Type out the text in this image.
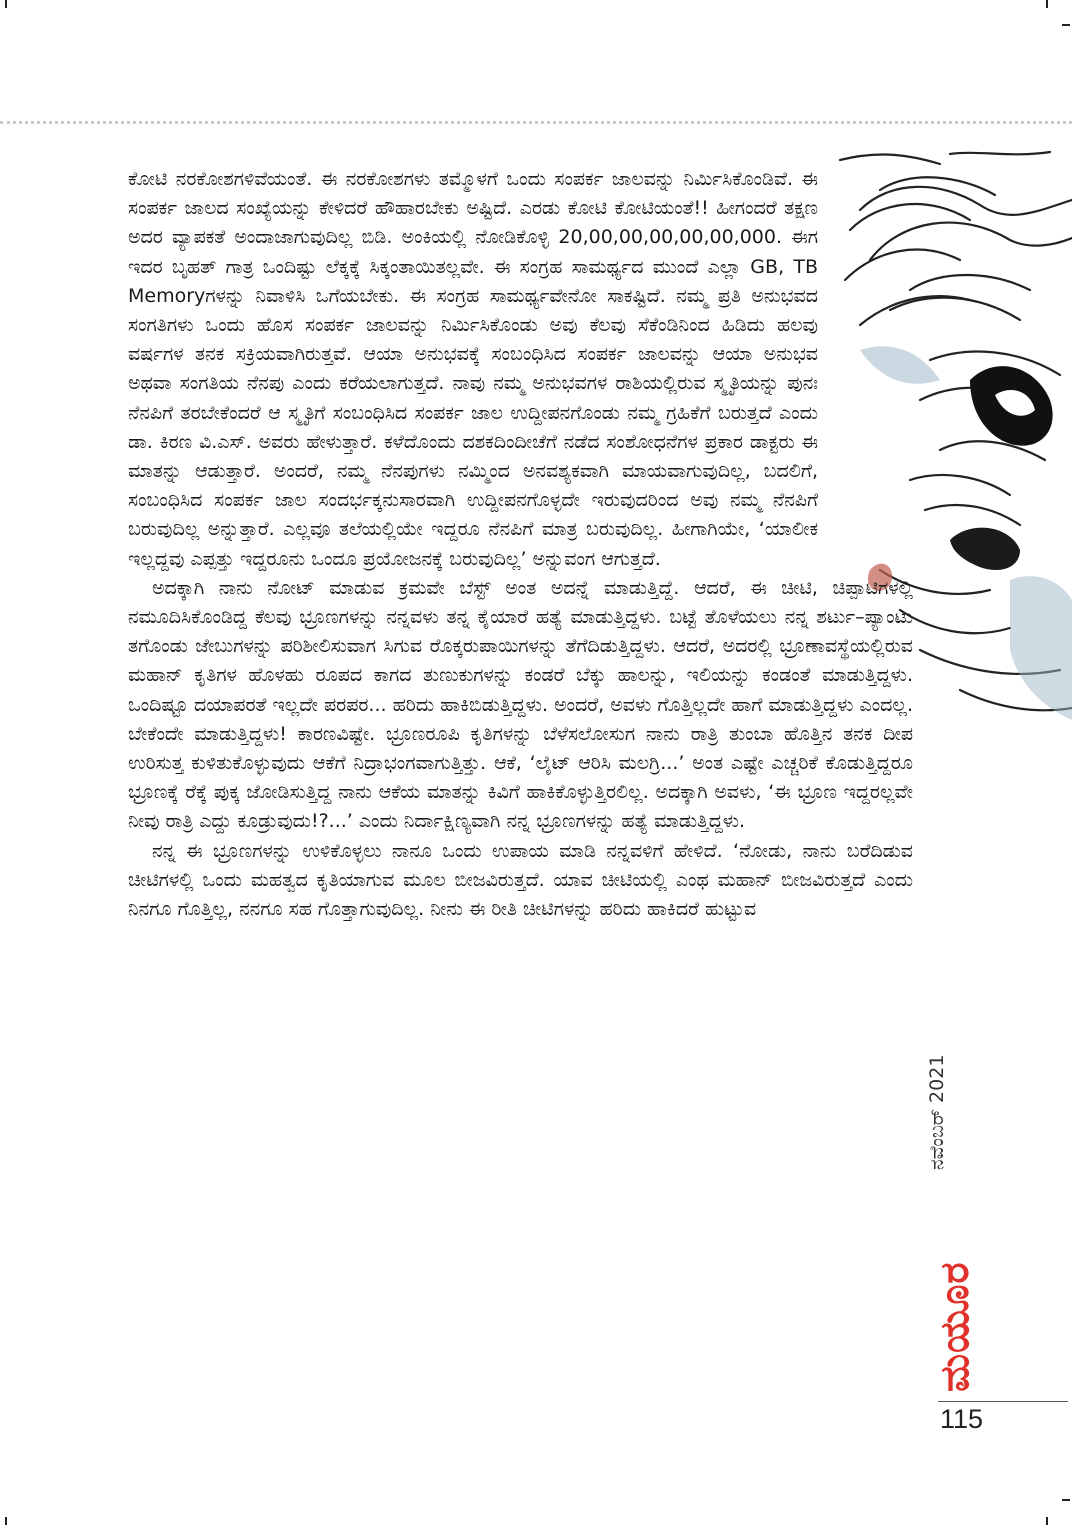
ಕೋಟಿ ನರಕೋಶಗಳಿವೆಯಂತೆ. ಈ ನರಕೋಶಗಳು ತಮ್ಮೊಳಗೆ ಒಂದು ಸಂಪರ್ಕ ಜಾಲವನ್ನು ನಿರ್ಮಿಸಿಕೊಂಡಿವೆ. ಈ ಸಂಪರ್ಕ ಜಾಲದ ಸಂಖ್ಯೆಯನ್ನು ಕೇಳಿದರೆ ಹೌಹಾರಬೇಕು ಅಷ್ಟಿದೆ. ಎರಡು ಕೋಟಿ ಕೋಟಿಯಂತೆ!! ಹೀಗಂದರೆ ತಕ್ಷಣ ಅದರ ವ್ಯಾಪಕತೆ ಅಂದಾಜಾಗುವುದಿಲ್ಲ ಬಿಡಿ. ಅಂಕಿಯಲ್ಲಿ ನೋಡಿಕೊಳ್ಳಿ 20,00,00,00,00,00,000. ಈಗ ಇದರ ಬೃಹತ್ ಗಾತ್ರ ಒಂದಿಷ್ಟು ಲೆಕ್ಕಕ್ಕೆ ಸಿಕ್ಕಂತಾಯಿತಲ್ಲವೇ. ಈ ಸಂಗ್ರಹ ಸಾಮರ್ಥ್ಯದ ಮುಂದೆ ಎಲ್ಲಾ GB, TB Memoryಗಳನ್ನು ನಿವಾಳಿಸಿ ಒಗೆಯಬೇಕು. ಈ ಸಂಗ್ರಹ ಸಾಮರ್ಥ್ಯವೇನೋ ಸಾಕಷ್ಟಿದೆ. ನಮ್ಮ ಪ್ರತಿ ಅನುಭವದ ಸಂಗತಿಗಳು ಒಂದು ಹೊಸ ಸಂಪರ್ಕ ಜಾಲವನ್ನು ನಿರ್ಮಿಸಿಕೊಂಡು ಅವು ಕೆಲವು ಸೆಕೆಂಡಿನಿಂದ ಹಿಡಿದು ಹಲವು ವರ್ಷಗಳ ತನಕ ಸಕ್ರಿಯವಾಗಿರುತ್ತವೆ. ಆಯಾ ಅನುಭವಕ್ಕೆ ಸಂಬಂಧಿಸಿದ ಸಂಪರ್ಕ ಜಾಲವನ್ನು ಆಯಾ ಅನುಭವ ಅಥವಾ ಸಂಗತಿಯ ನೆನಪು ಎಂದು ಕರೆಯಲಾಗುತ್ತದೆ. ನಾವು ನಮ್ಮ ಅನುಭವಗಳ ರಾಶಿಯಲ್ಲಿರುವ ಸ್ಮೃತಿಯನ್ನು ಪುನಃ ನೆನಪಿಗೆ ತರಬೇಕೆಂದರೆ ಆ ಸ್ಮೃತಿಗೆ ಸಂಬಂಧಿಸಿದ ಸಂಪರ್ಕ ಜಾಲ ಉದ್ದೀಪನಗೊಂಡು ನಮ್ಮ ಗ್ರಹಿಕೆಗೆ ಬರುತ್ತದೆ ಎಂದು ಡಾ. ಕಿರಣ ವಿ.ಎಸ್. ಅವರು ಹೇಳುತ್ತಾರೆ. ಕಳೆದೊಂದು ದಶಕದಿಂದೀಚೆಗೆ ನಡೆದ ಸಂಶೋಧನೆಗಳ ಪ್ರಕಾರ ಡಾಕ್ಟರು ಈ ಮಾತನ್ನು ಆಡುತ್ತಾರೆ. ಅಂದರೆ, ನಮ್ಮ ನೆನಪುಗಳು ನಮ್ಮಿಂದ ಅನವಶ್ಯಕವಾಗಿ ಮಾಯವಾಗುವುದಿಲ್ಲ, ಬದಲಿಗೆ, ಸಂಬಂಧಿಸಿದ ಸಂಪರ್ಕ ಜಾಲ ಸಂದರ್ಭಕ್ಕನುಸಾರವಾಗಿ ಉದ್ದೀಪನಗೊಳ್ಳದೇ ಇರುವುದರಿಂದ ಅವು ನಮ್ಮ ನೆನಪಿಗೆ ಬರುವುದಿಲ್ಲ ಅನ್ನುತ್ತಾರೆ. ಎಲ್ಲವೂ ತಲೆಯಲ್ಲಿಯೇ ಇದ್ದರೂ ನೆನಪಿಗೆ ಮಾತ್ರ ಬರುವುದಿಲ್ಲ. ಹೀಗಾಗಿಯೇ, ‘ಯಾಲೀಕ ಇಲ್ಲದ್ದವು ಎಪ್ಪತ್ತು ಇದ್ದರೂನು ಒಂದೂ ಪ್ರಯೋಜನಕ್ಕೆ ಬರುವುದಿಲ್ಲ’ ಅನ್ನುವಂಗ ಆಗುತ್ತದೆ.

ಅದಕ್ಕಾಗಿ ನಾನು ನೋಟ್ ಮಾಡುವ ಕ್ರಮವೇ ಬೆಸ್ಟ್ ಅಂತ ಅದನ್ನೆ ಮಾಡುತ್ತಿದ್ದೆ. ಆದರೆ, ಈ ಚೀಟಿ, ಚಿಪ್ಪಾಟಿಗಳಲ್ಲಿ ನಮೂದಿಸಿಕೊಂಡಿದ್ದ ಕೆಲವು ಭ್ರೂಣಗಳನ್ನು ನನ್ನವಳು ತನ್ನ ಕೈಯಾರೆ ಹತ್ಯೆ ಮಾಡುತ್ತಿದ್ದಳು. ಬಟ್ಟೆ ತೊಳೆಯಲು ನನ್ನ ಶರ್ಟು–ಪ್ಯಾಂಟು ತಗೊಂಡು ಜೇಬುಗಳನ್ನು ಪರಿಶೀಲಿಸುವಾಗ ಸಿಗುವ ರೊಕ್ಕರುಪಾಯಿಗಳನ್ನು ತೆಗೆದಿಡುತ್ತಿದ್ದಳು. ಆದರೆ, ಅದರಲ್ಲಿ ಭ್ರೂಣಾವಸ್ಥೆಯಲ್ಲಿರುವ ಮಹಾನ್ ಕೃತಿಗಳ ಹೊಳಹು ರೂಪದ ಕಾಗದ ತುಣುಕುಗಳನ್ನು ಕಂಡರೆ ಬೆಕ್ಕು ಹಾಲನ್ನು, ಇಲಿಯನ್ನು ಕಂಡಂತೆ ಮಾಡುತ್ತಿದ್ದಳು. ಒಂದಿಷ್ಟೂ ದಯಾಪರತೆ ಇಲ್ಲದೇ ಪರಪರ... ಹರಿದು ಹಾಕಿಬಿಡುತ್ತಿದ್ದಳು. ಅಂದರೆ, ಅವಳು ಗೊತ್ತಿಲ್ಲದೇ ಹಾಗೆ ಮಾಡುತ್ತಿದ್ದಳು ಎಂದಲ್ಲ. ಬೇಕೆಂದೇ ಮಾಡುತ್ತಿದ್ದಳು! ಕಾರಣವಿಷ್ಟೇ. ಭ್ರೂಣರೂಪಿ ಕೃತಿಗಳನ್ನು ಬೆಳೆಸಲೋಸುಗ ನಾನು ರಾತ್ರಿ ತುಂಬಾ ಹೊತ್ತಿನ ತನಕ ದೀಪ ಉರಿಸುತ್ತ ಕುಳಿತುಕೊಳ್ಳುವುದು ಆಕೆಗೆ ನಿದ್ರಾಭಂಗವಾಗುತ್ತಿತ್ತು. ಆಕೆ, ‘ಲೈಟ್ ಆರಿಸಿ ಮಲಗ್ರಿ...’ ಅಂತ ಎಷ್ಟೇ ಎಚ್ಚರಿಕೆ ಕೊಡುತ್ತಿದ್ದರೂ ಭ್ರೂಣಕ್ಕೆ ರೆಕ್ಕೆ ಪುಕ್ಕ ಜೋಡಿಸುತ್ತಿದ್ದ ನಾನು ಆಕೆಯ ಮಾತನ್ನು ಕಿವಿಗೆ ಹಾಕಿಕೊಳ್ಳುತ್ತಿರಲಿಲ್ಲ. ಅದಕ್ಕಾಗಿ ಅವಳು, ‘ಈ ಭ್ರೂಣ ಇದ್ದರಲ್ಲವೇ ನೀವು ರಾತ್ರಿ ಎದ್ದು ಕೂಡ್ರುವುದು!?...’ ಎಂದು ನಿರ್ದಾಕ್ಷಿಣ್ಯವಾಗಿ ನನ್ನ ಭ್ರೂಣಗಳನ್ನು ಹತ್ಯೆ ಮಾಡುತ್ತಿದ್ದಳು.

ನನ್ನ ಈ ಭ್ರೂಣಗಳನ್ನು ಉಳಿಕೊಳ್ಳಲು ನಾನೂ ಒಂದು ಉಪಾಯ ಮಾಡಿ ನನ್ನವಳಿಗೆ ಹೇಳಿದೆ. ‘ನೋಡು, ನಾನು ಬರೆದಿಡುವ ಚೀಟಿಗಳಲ್ಲಿ ಒಂದು ಮಹತ್ವದ ಕೃತಿಯಾಗುವ ಮೂಲ ಬೀಜವಿರುತ್ತದೆ. ಯಾವ ಚೀಟಿಯಲ್ಲಿ ಎಂಥ ಮಹಾನ್ ಬೀಜವಿರುತ್ತದೆ ಎಂದು ನಿನಗೂ ಗೊತ್ತಿಲ್ಲ, ನನಗೂ ಸಹ ಗೊತ್ತಾಗುವುದಿಲ್ಲ. ನೀನು ಈ ರೀತಿ ಚೀಟಿಗಳನ್ನು ಹರಿದು ಹಾಕಿದರೆ ಹುಟ್ಟುವ

ನವೆಂಬರ್ 2021
ಮಯೂರ
115
